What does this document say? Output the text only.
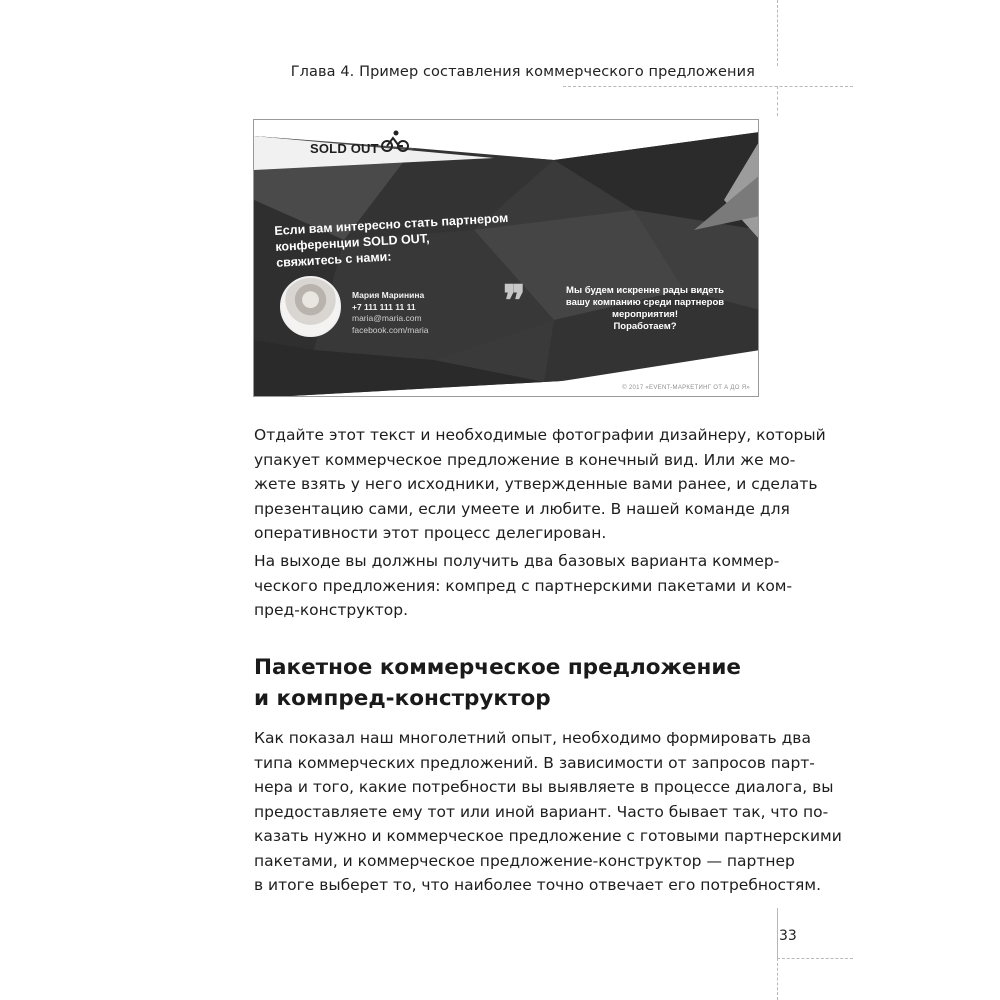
Глава 4. Пример составления коммерческого предложения
SOLD OUT
Если вам интересно стать партнером
конференции SOLD OUT,
свяжитесь с нами:
Мария Маринина
+7 111 111 11 11
maria@maria.com
facebook.com/maria
❞	Мы будем искренне рады видеть
вашу компанию среди партнеров
мероприятия!
Поработаем?
© 2017 «EVENT-МАРКЕТИНГ ОТ А ДО Я»
Отдайте этот текст и необходимые фотографии дизайнеру, который
упакует коммерческое предложение в конечный вид. Или же мо-
жете взять у него исходники, утвержденные вами ранее, и сделать
презентацию сами, если умеете и любите. В нашей команде для
оперативности этот процесс делегирован.
На выходе вы должны получить два базовых варианта коммер-
ческого предложения: компред с партнерскими пакетами и ком-
пред-конструктор.
Пакетное коммерческое предложение
и компред-конструктор
Как показал наш многолетний опыт, необходимо формировать два
типа коммерческих предложений. В зависимости от запросов парт-
нера и того, какие потребности вы выявляете в процессе диалога, вы
предоставляете ему тот или иной вариант. Часто бывает так, что по-
казать нужно и коммерческое предложение с готовыми партнерскими
пакетами, и коммерческое предложение-конструктор — партнер
в итоге выберет то, что наиболее точно отвечает его потребностям.
33
